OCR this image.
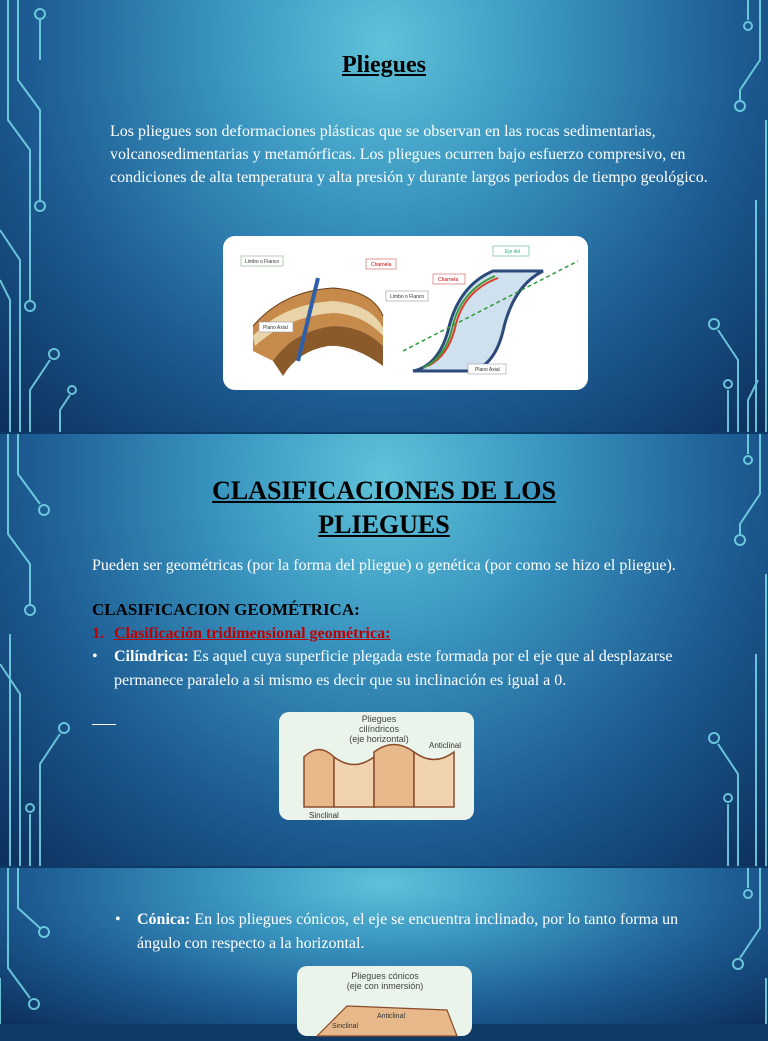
Pliegues
Los pliegues son deformaciones plásticas que se observan en las rocas sedimentarias, volcanosedimentarias y metamórficas. Los pliegues ocurren bajo esfuerzo compresivo, en condiciones de alta temperatura y alta presión y durante largos periodos de tiempo geológico.
Limbo o Flanco	Charnela
Limbo o Flanco
Plano Axial
Eje del
Charnela
Plano Axial
CLASIFICACIONES DE LOS
PLIEGUES
Pueden ser geométricas (por la forma del pliegue) o genética (por como se hizo el pliegue).
CLASIFICACION GEOMÉTRICA:
1. Clasificación tridimensional geométrica:
• Cilíndrica: Es aquel cuya superficie plegada este formada por el eje que al desplazarse permanece paralelo a si mismo es decir que su inclinación es igual a 0.
Pliegues
cilíndricos
(eje horizontal)
Anticlinal
Sinclinal
• Cónica: En los pliegues cónicos, el eje se encuentra inclinado, por lo tanto forma un ángulo con respecto a la horizontal.
Pliegues cónicos
(eje con inmersión)
Anticlinal
Sinclinal
